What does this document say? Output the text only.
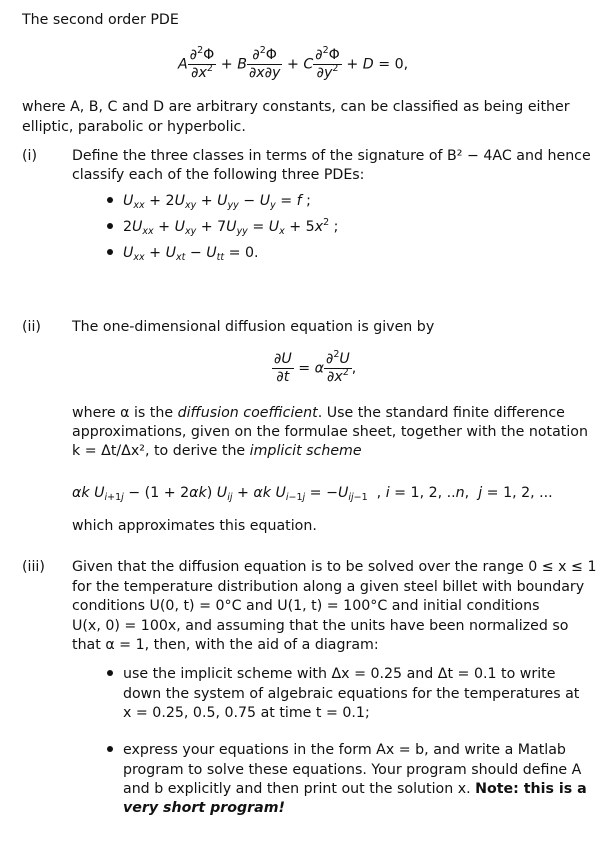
The second order PDE
A $\frac{\partial^2\Phi}{\partial x^2} + B \frac{\partial^2\Phi}{\partial x\partial y} + C \frac{\partial^2\Phi}{\partial y^2} + D = 0$,
where A, B, C and D are arbitrary constants, can be classified as being either
elliptic, parabolic or hyperbolic.
(i) Define the three classes in terms of the signature of B² − 4AC and hence
classify each of the following three PDEs:
$U_{xx} + 2U_{xy} + U_{yy} - U_y = f$ ;
$2U_{xx} + U_{xy} + 7U_{yy} = U_x + 5x^2$ ;
$U_{xx} + U_{xt} - U_{tt} = 0$.
(ii) The one-dimensional diffusion equation is given by
$\frac{\partial U}{\partial t} = \alpha \frac{\partial^2U}{\partial x^2}$ ,
where α is the diffusion coefficient. Use the standard finite difference
approximations, given on the formulae sheet, together with the notation
k = Δt/Δx², to derive the implicit scheme
αk $U_{i+1j} - (1 + 2\alpha k) U_{ij} + \alpha k$ $U_{i-1j} = -U_{ij-1}$  , i = 1, 2, ..n,  j = 1, 2, ...
which approximates this equation.
(iii) Given that the diffusion equation is to be solved over the range 0 ≤ x ≤ 1
for the temperature distribution along a given steel billet with boundary
conditions U(0, t) = 0°C and U(1, t) = 100°C and initial conditions
U(x, 0) = 100x, and assuming that the units have been normalized so
that α = 1, then, with the aid of a diagram:
use the implicit scheme with Δx = 0.25 and Δt = 0.1 to write
down the system of algebraic equations for the temperatures at
x = 0.25, 0.5, 0.75 at time t = 0.1;
express your equations in the form Ax = b, and write a Matlab
program to solve these equations. Your program should define A
and b explicitly and then print out the solution x. Note: this is a
very short program!
